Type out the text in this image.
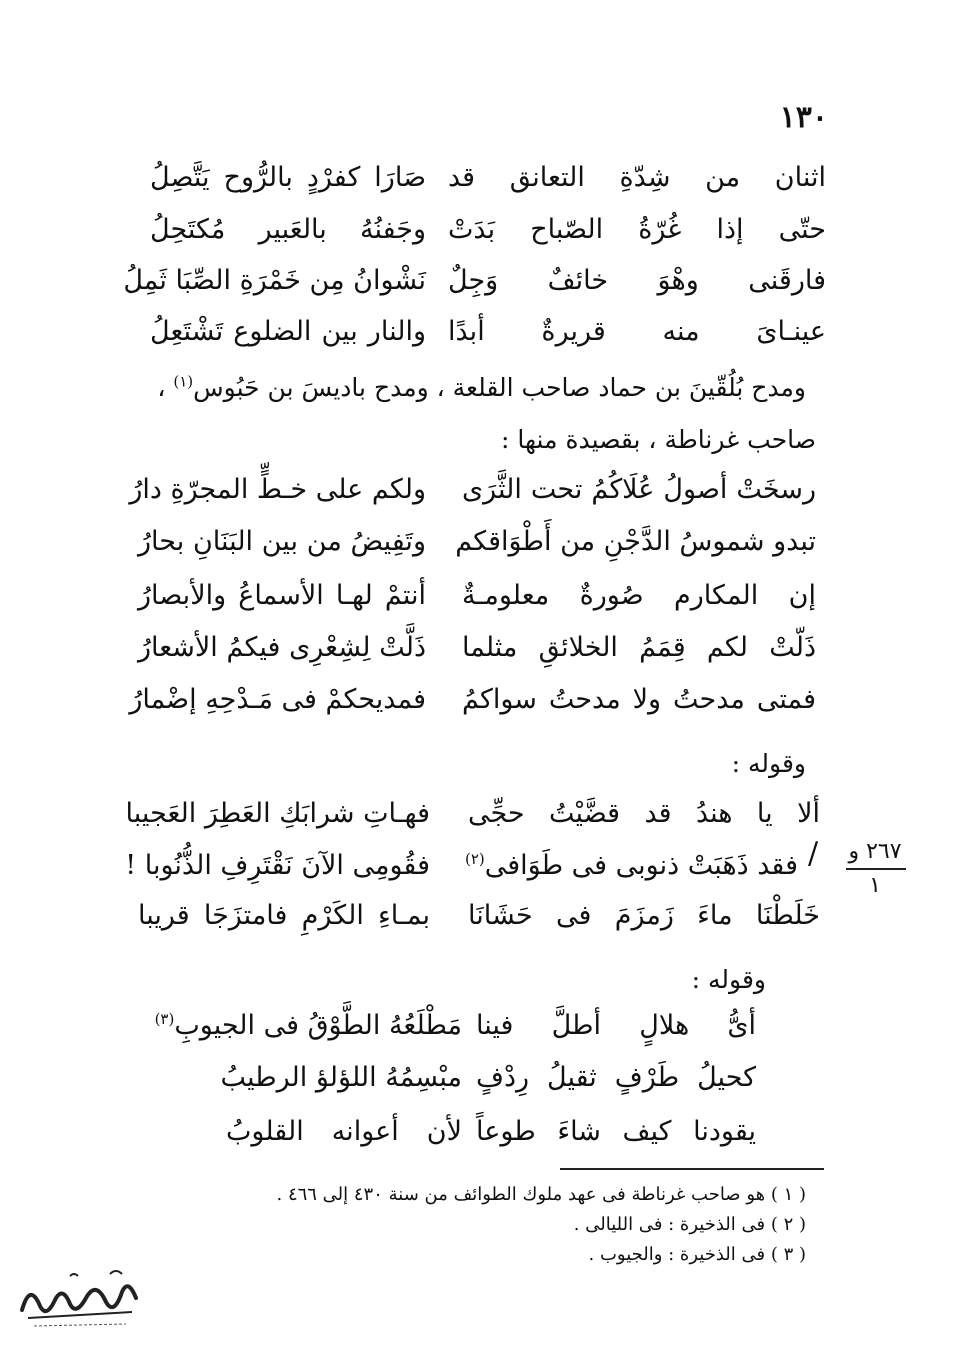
١٣٠
اثنان من شِدّةِ التعانق قد
صَارَا كفرْدٍ بالرُّوح يَتَّصِلُ
حتّى إذا غُرّةُ الصّباح بَدَتْ
وجَفنُهُ بالعَبير مُكتَحِلُ
فارقَنى وهْوَ خائفٌ وَجِلٌ
نَشْوانُ مِن خَمْرَةِ الصِّبَا ثَمِلُ
عينـاىَ منه قريرةٌ أبدًا
والنار بين الضلوع تَشْتَعِلُ
ومدح بُلُقّينَ بن حماد صاحب القلعة ، ومدح باديسَ بن حَبُوس$^{(١)}$ ،
صاحب غرناطة ، بقصيدة منها :
رسخَتْ أصولُ عُلَاكُمُ تحت الثَّرَى
ولكم على خـطٍّ المجرّةِ دارُ
تبدو شموسُ الدَّجْنِ من أَطْوَاقكم
وتَفِيضُ من بين البَنَانِ بحارُ
إن المكارم صُورةٌ معلومـةٌ
أنتمْ لهـا الأسماعُ والأبصارُ
ذَلّتْ لكم قِمَمُ الخلائقِ مثلما
ذَلَّتْ لِشِعْرِى فيكمُ الأشعارُ
فمتى مدحتُ ولا مدحتُ سواكمُ
فمديحكمْ فى مَـدْحِهِ إضْمارُ
وقوله :
ألا يا هندُ قد قضَّيْتُ حجِّى
فهـاتِ شرابَكِ العَطِرَ العَجيبا
فقد ذَهَبَتْ ذنوبى فى طَوَافى$^{(٢)}$
فقُومِى الآنَ نَقْتَرِفِ الذُّنُوبا !
خَلَطْنَا ماءَ زَمزَمَ فى حَشَانَا
بمـاءِ الكَرْمِ فامتزَجَا قريبا
/	٢٦٧ و
١
وقوله :
أىُّ هلالٍ أطلَّ فينا
مَطْلَعُهُ الطَّوْقُ فى الجيوبِ$^{(٣)}$
كحيلُ طَرْفٍ ثقيلُ رِدْفٍ
مبْسِمُهُ اللؤلؤ الرطيبُ
يقودنا كيف شاءَ طوعاً
لأن أعوانه القلوبُ
( ١ ) هو صاحب غرناطة فى عهد ملوك الطوائف من سنة ٤٣٠ إلى ٤٦٦ .
( ٢ ) فى الذخيرة : فى الليالى .
( ٣ ) فى الذخيرة : والجيوب .
